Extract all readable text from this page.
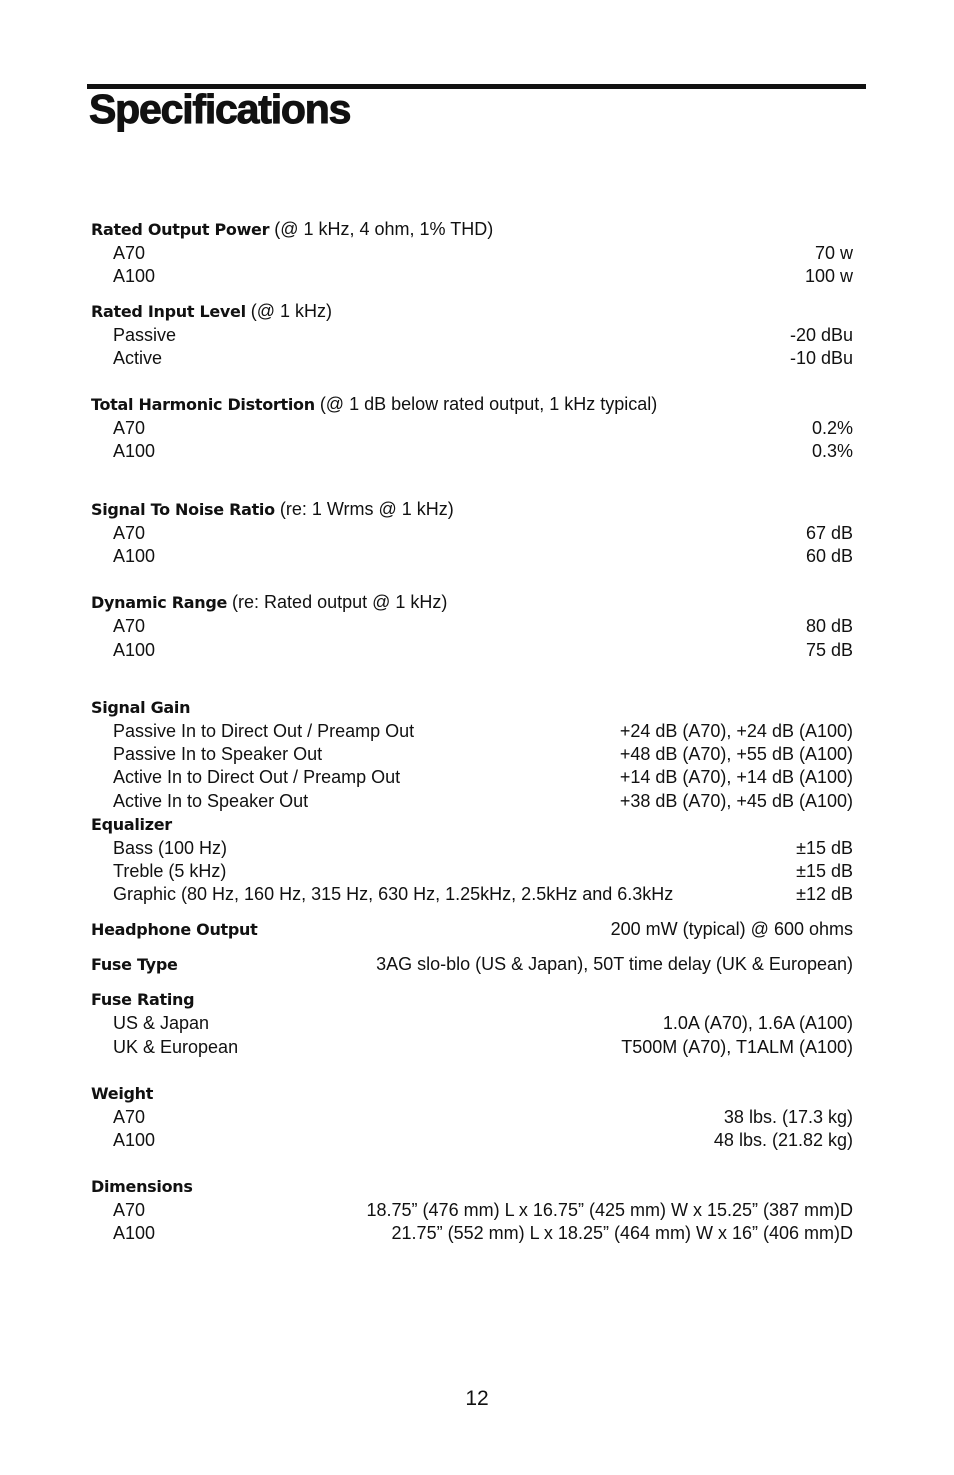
Specifications
Rated Output Power (@ 1 kHz, 4 ohm, 1% THD)
A70	70 w
A100	100 w
Rated Input Level (@ 1 kHz)
Passive	-20 dBu
Active	-10 dBu
Total Harmonic Distortion (@ 1 dB below rated output, 1 kHz typical)
A70	0.2%
A100	0.3%
Signal To Noise Ratio (re: 1 Wrms @ 1 kHz)
A70	67 dB
A100	60 dB
Dynamic Range (re: Rated output @ 1 kHz)
A70	80 dB
A100	75 dB
Signal Gain
Passive In to Direct Out / Preamp Out	+24 dB (A70), +24 dB (A100)
Passive In to Speaker Out	+48 dB (A70), +55 dB (A100)
Active In to Direct Out / Preamp Out	+14 dB (A70), +14 dB (A100)
Active In to Speaker Out	+38 dB (A70), +45 dB (A100)
Equalizer
Bass (100 Hz)	±15 dB
Treble (5 kHz)	±15 dB
Graphic (80 Hz, 160 Hz, 315 Hz, 630 Hz, 1.25kHz, 2.5kHz and 6.3kHz	±12 dB
Headphone Output	200 mW (typical) @ 600 ohms
Fuse Type	3AG slo-blo (US & Japan), 50T time delay (UK & European)
Fuse Rating
US & Japan	1.0A (A70), 1.6A (A100)
UK & European	T500M (A70), T1ALM (A100)
Weight
A70	38 lbs. (17.3 kg)
A100	48 lbs. (21.82 kg)
Dimensions
A70	18.75” (476 mm) L x 16.75” (425 mm) W x 15.25” (387 mm)D
A100	21.75” (552 mm) L x 18.25” (464 mm) W x 16” (406 mm)D
12
